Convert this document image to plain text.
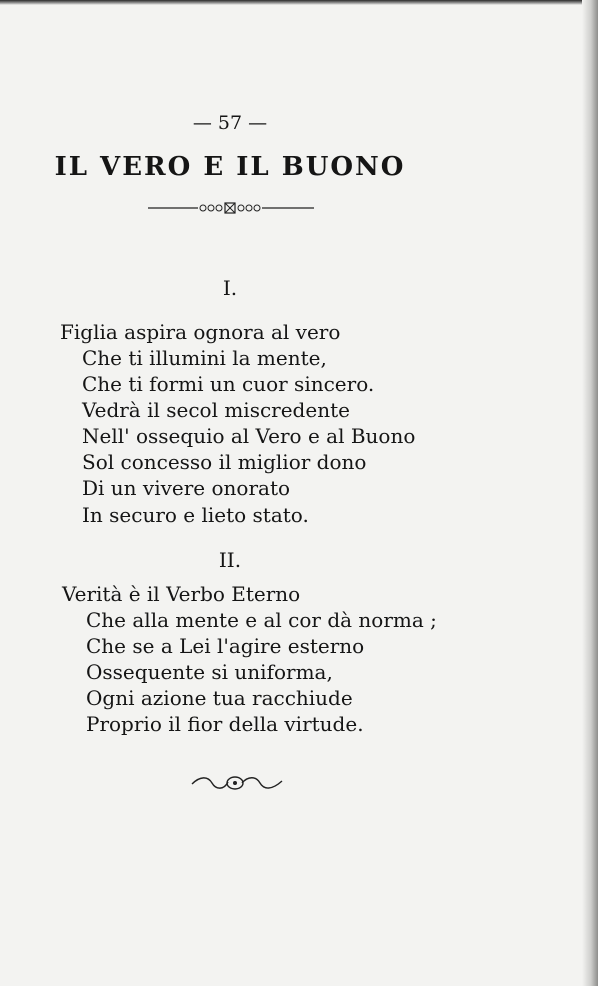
— 57 —
IL VERO E IL BUONO
I.
Figlia aspira ognora al vero
Che ti illumini la mente,
Che ti formi un cuor sincero.
Vedrà il secol miscredente
Nell' ossequio al Vero e al Buono
Sol concesso il miglior dono
Di un vivere onorato
In securo e lieto stato.
II.
Verità è il Verbo Eterno
Che alla mente e al cor dà norma ;
Che se a Lei l'agire esterno
Ossequente si uniforma,
Ogni azione tua racchiude
Proprio il fior della virtude.
